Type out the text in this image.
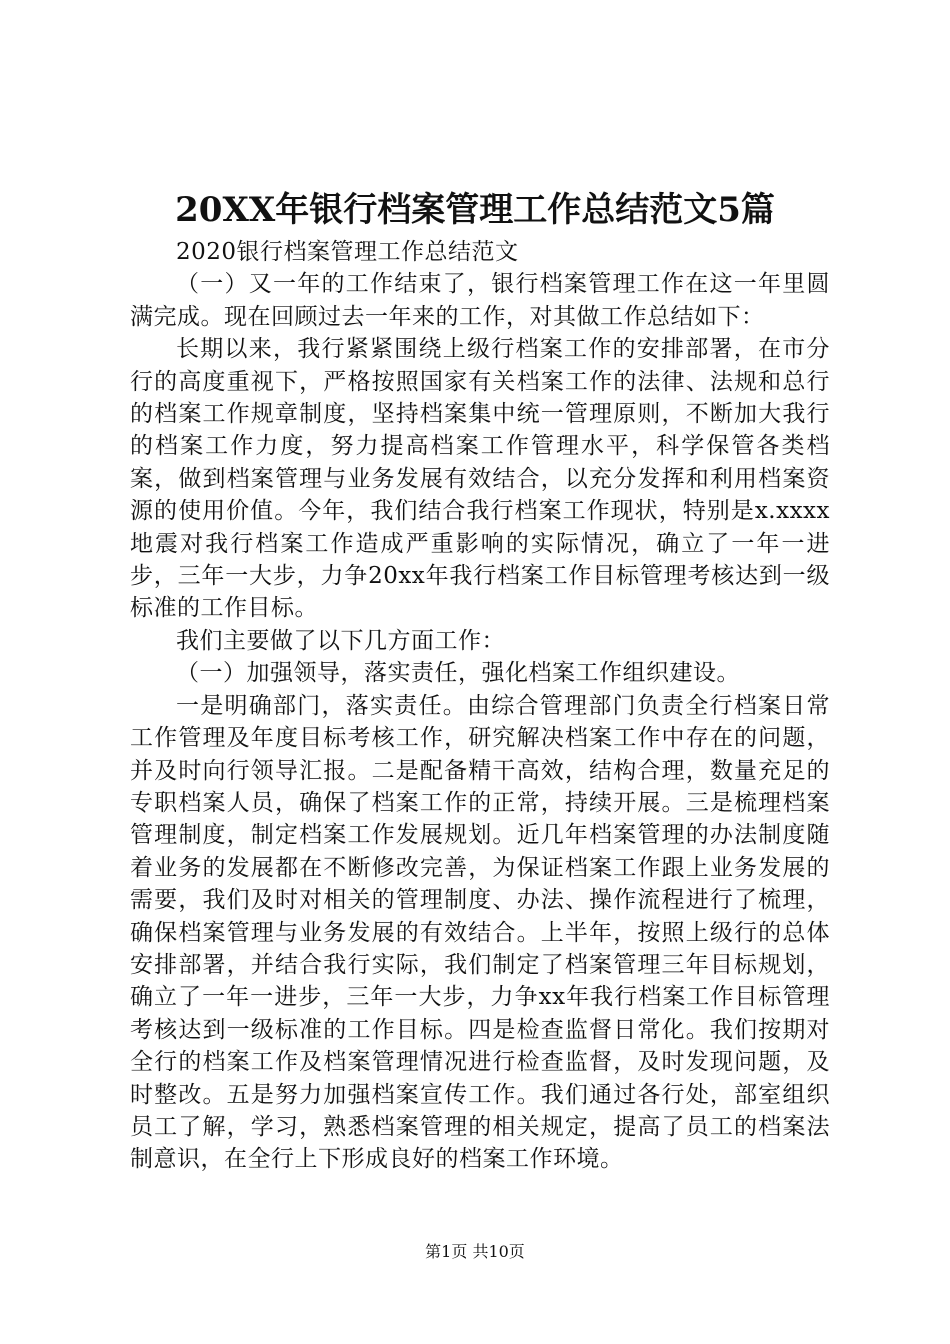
20XX年银行档案管理工作总结范文5篇

2020银行档案管理工作总结范文

（一）又一年的工作结束了，银行档案管理工作在这一年里圆满完成。现在回顾过去一年来的工作，对其做工作总结如下：

长期以来，我行紧紧围绕上级行档案工作的安排部署，在市分行的高度重视下，严格按照国家有关档案工作的法律、法规和总行的档案工作规章制度，坚持档案集中统一管理原则，不断加大我行的档案工作力度，努力提高档案工作管理水平，科学保管各类档案，做到档案管理与业务发展有效结合，以充分发挥和利用档案资源的使用价值。今年，我们结合我行档案工作现状，特别是x.xxxx地震对我行档案工作造成严重影响的实际情况，确立了一年一进步，三年一大步，力争20xx年我行档案工作目标管理考核达到一级标准的工作目标。

我们主要做了以下几方面工作：

（一）加强领导，落实责任，强化档案工作组织建设。

一是明确部门，落实责任。由综合管理部门负责全行档案日常工作管理及年度目标考核工作，研究解决档案工作中存在的问题，并及时向行领导汇报。二是配备精干高效，结构合理，数量充足的专职档案人员，确保了档案工作的正常，持续开展。三是梳理档案管理制度，制定档案工作发展规划。近几年档案管理的办法制度随着业务的发展都在不断修改完善，为保证档案工作跟上业务发展的需要，我们及时对相关的管理制度、办法、操作流程进行了梳理，确保档案管理与业务发展的有效结合。上半年，按照上级行的总体安排部署，并结合我行实际，我们制定了档案管理三年目标规划，确立了一年一进步，三年一大步，力争xx年我行档案工作目标管理考核达到一级标准的工作目标。四是检查监督日常化。我们按期对全行的档案工作及档案管理情况进行检查监督，及时发现问题，及时整改。五是努力加强档案宣传工作。我们通过各行处，部室组织员工了解，学习，熟悉档案管理的相关规定，提高了员工的档案法制意识，在全行上下形成良好的档案工作环境。

第1页 共10页
